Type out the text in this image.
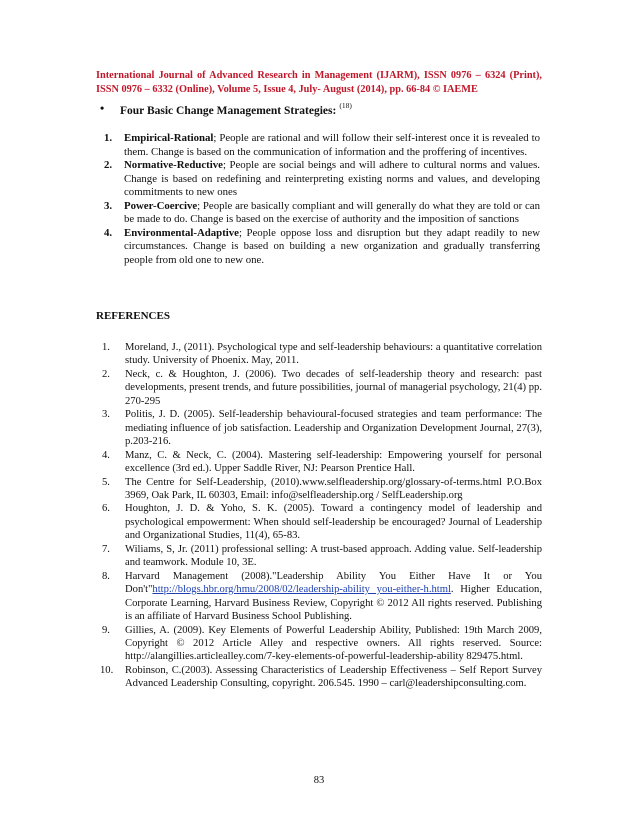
International Journal of Advanced Research in Management (IJARM), ISSN 0976 – 6324 (Print),
ISSN 0976 – 6332 (Online), Volume 5, Issue 4, July- August (2014), pp. 66-84 © IAEME
• Four Basic Change Management Strategies: $^{(18)}$
1. Empirical-Rational; People are rational and will follow their self-interest once it is revealed to them. Change is based on the communication of information and the proffering of incentives.
2. Normative-Reductive; People are social beings and will adhere to cultural norms and values. Change is based on redefining and reinterpreting existing norms and values, and developing commitments to new ones
3. Power-Coercive; People are basically compliant and will generally do what they are told or can be made to do. Change is based on the exercise of authority and the imposition of sanctions
4. Environmental-Adaptive; People oppose loss and disruption but they adapt readily to new circumstances. Change is based on building a new organization and gradually transferring people from old one to new one.
REFERENCES
1. Moreland, J., (2011). Psychological type and self-leadership behaviours: a quantitative correlation study. University of Phoenix. May, 2011.
2. Neck, c. & Houghton, J. (2006). Two decades of self-leadership theory and research: past developments, present trends, and future possibilities, journal of managerial psychology, 21(4) pp. 270-295
3. Politis, J. D. (2005). Self-leadership behavioural-focused strategies and team performance: The mediating influence of job satisfaction. Leadership and Organization Development Journal, 27(3), p.203-216.
4. Manz, C. & Neck, C. (2004). Mastering self-leadership: Empowering yourself for personal excellence (3rd ed.). Upper Saddle River, NJ: Pearson Prentice Hall.
5. The Centre for Self-Leadership, (2010).www.selfleadership.org/glossary-of-terms.html P.O.Box 3969, Oak Park, IL 60303, Email: info@selfleadership.org / SelfLeadership.org
6. Houghton, J. D. & Yoho, S. K. (2005). Toward a contingency model of leadership and psychological empowerment: When should self-leadership be encouraged? Journal of Leadership and Organizational Studies, 11(4), 65-83.
7. Wiliams, S, Jr. (2011) professional selling: A trust-based approach. Adding value. Self-leadership and teamwork. Module 10, 3E.
8. Harvard Management (2008)."Leadership Ability You Either Have It or You Don't"http://blogs.hbr.org/hmu/2008/02/leadership-ability you-either-h.html. Higher Education, Corporate Learning, Harvard Business Review, Copyright © 2012 All rights reserved. Publishing is an affiliate of Harvard Business School Publishing.
9. Gillies, A. (2009). Key Elements of Powerful Leadership Ability, Published: 19th March 2009, Copyright © 2012 Article Alley and respective owners. All rights reserved. Source: http://alangillies.articlealley.com/7-key-elements-of-powerful-leadership-ability 829475.html.
10. Robinson, C.(2003). Assessing Characteristics of Leadership Effectiveness – Self Report Survey Advanced Leadership Consulting, copyright. 206.545. 1990 – carl@leadershipconsulting.com.
83
